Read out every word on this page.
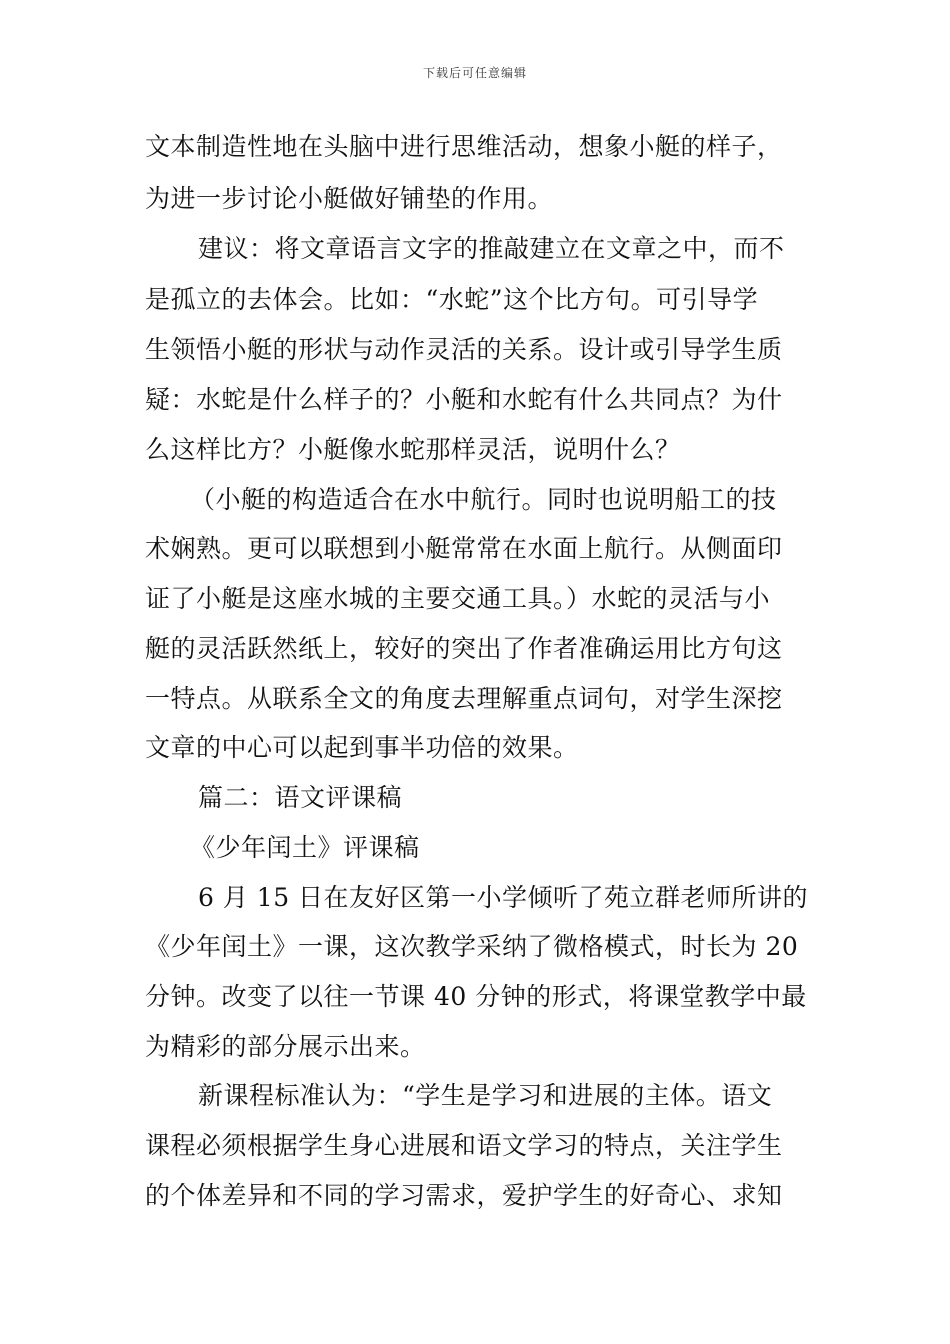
下载后可任意编辑
文本制造性地在头脑中进行思维活动，想象小艇的样子，
为进一步讨论小艇做好铺垫的作用。
建议：将文章语言文字的推敲建立在文章之中，而不
是孤立的去体会。比如：“水蛇”这个比方句。可引导学
生领悟小艇的形状与动作灵活的关系。设计或引导学生质
疑：水蛇是什么样子的？小艇和水蛇有什么共同点？为什
么这样比方？小艇像水蛇那样灵活，说明什么？
（小艇的构造适合在水中航行。同时也说明船工的技
术娴熟。更可以联想到小艇常常在水面上航行。从侧面印
证了小艇是这座水城的主要交通工具。）水蛇的灵活与小
艇的灵活跃然纸上，较好的突出了作者准确运用比方句这
一特点。从联系全文的角度去理解重点词句，对学生深挖
文章的中心可以起到事半功倍的效果。
篇二：语文评课稿
《少年闰土》评课稿
6 月 15 日在友好区第一小学倾听了苑立群老师所讲的
《少年闰土》一课，这次教学采纳了微格模式，时长为 20
分钟。改变了以往一节课 40 分钟的形式，将课堂教学中最
为精彩的部分展示出来。
新课程标准认为：“学生是学习和进展的主体。语文
课程必须根据学生身心进展和语文学习的特点，关注学生
的个体差异和不同的学习需求，爱护学生的好奇心、求知
